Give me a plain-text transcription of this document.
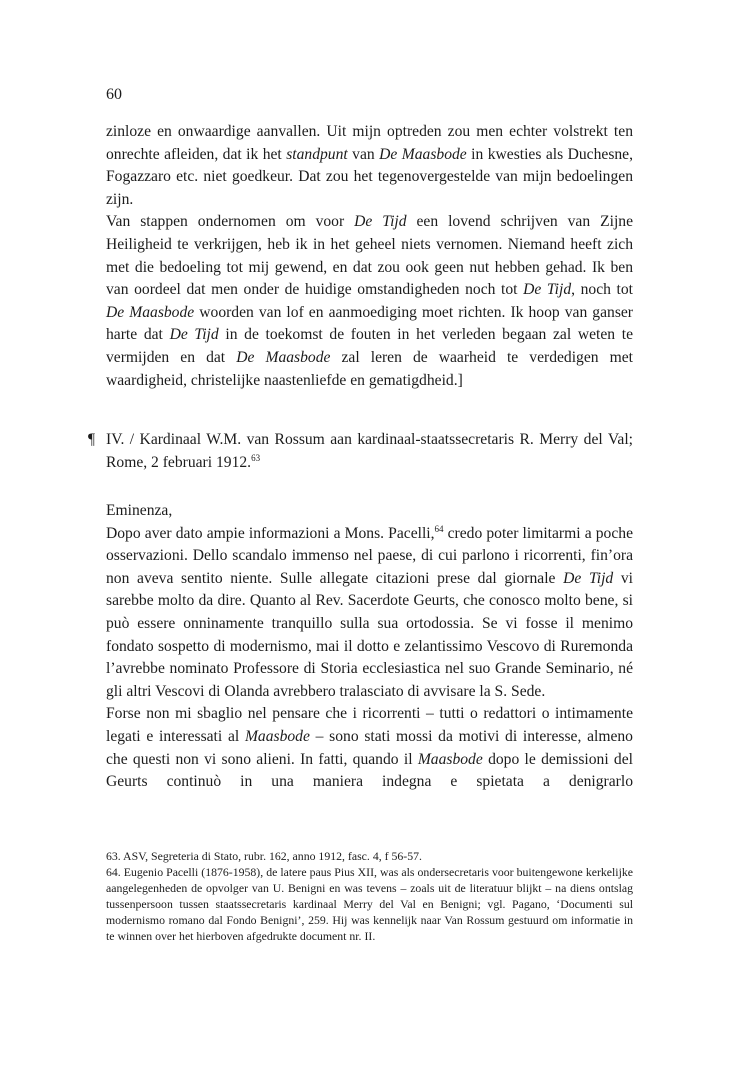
60

zinloze en onwaardige aanvallen. Uit mijn optreden zou men echter volstrekt ten onrechte afleiden, dat ik het standpunt van De Maasbode in kwesties als Duchesne, Fogazzaro etc. niet goedkeur. Dat zou het tegenovergestelde van mijn bedoelingen zijn.

Van stappen ondernomen om voor De Tijd een lovend schrijven van Zijne Heiligheid te verkrijgen, heb ik in het geheel niets vernomen. Niemand heeft zich met die bedoeling tot mij gewend, en dat zou ook geen nut hebben gehad. Ik ben van oordeel dat men onder de huidige omstandigheden noch tot De Tijd, noch tot De Maasbode woorden van lof en aanmoediging moet richten. Ik hoop van ganser harte dat De Tijd in de toekomst de fouten in het verleden begaan zal weten te vermijden en dat De Maasbode zal leren de waarheid te verdedigen met waardigheid, christelijke naastenliefde en gematigdheid.]

¶ IV. / Kardinaal W.M. van Rossum aan kardinaal-staatssecretaris R. Merry del Val; Rome, 2 februari 1912.63

Eminenza,

Dopo aver dato ampie informazioni a Mons. Pacelli,$^{64}$ credo poter limitarmi a poche osservazioni. Dello scandalo immenso nel paese, di cui parlono i ricorrenti, fin’ora non aveva sentito niente. Sulle allegate citazioni prese dal giornale De Tijd vi sarebbe molto da dire. Quanto al Rev. Sacerdote Geurts, che conosco molto bene, si può essere onninamente tranquillo sulla sua ortodossia. Se vi fosse il menimo fondato sospetto di modernismo, mai il dotto e zelantissimo Vescovo di Ruremonda l’avrebbe nominato Professore di Storia ecclesiastica nel suo Grande Seminario, né gli altri Vescovi di Olanda avrebbero tralasciato di avvisare la S. Sede.

Forse non mi sbaglio nel pensare che i ricorrenti – tutti o redattori o intimamente legati e interessati al Maasbode – sono stati mossi da motivi di interesse, almeno che questi non vi sono alieni. In fatti, quando il Maasbode dopo le demissioni del Geurts continuò in una maniera indegna e spietata a denigrarlo

63. ASV, Segreteria di Stato, rubr. 162, anno 1912, fasc. 4, f 56-57.

64. Eugenio Pacelli (1876-1958), de latere paus Pius XII, was als ondersecretaris voor buitengewone kerkelijke aangelegenheden de opvolger van U. Benigni en was tevens – zoals uit de literatuur blijkt – na diens ontslag tussenpersoon tussen staatssecretaris kardinaal Merry del Val en Benigni; vgl. Pagano, ‘Documenti sul modernismo romano dal Fondo Benigni’, 259. Hij was kennelijk naar Van Rossum gestuurd om informatie in te winnen over het hierboven afgedrukte document nr. II.
